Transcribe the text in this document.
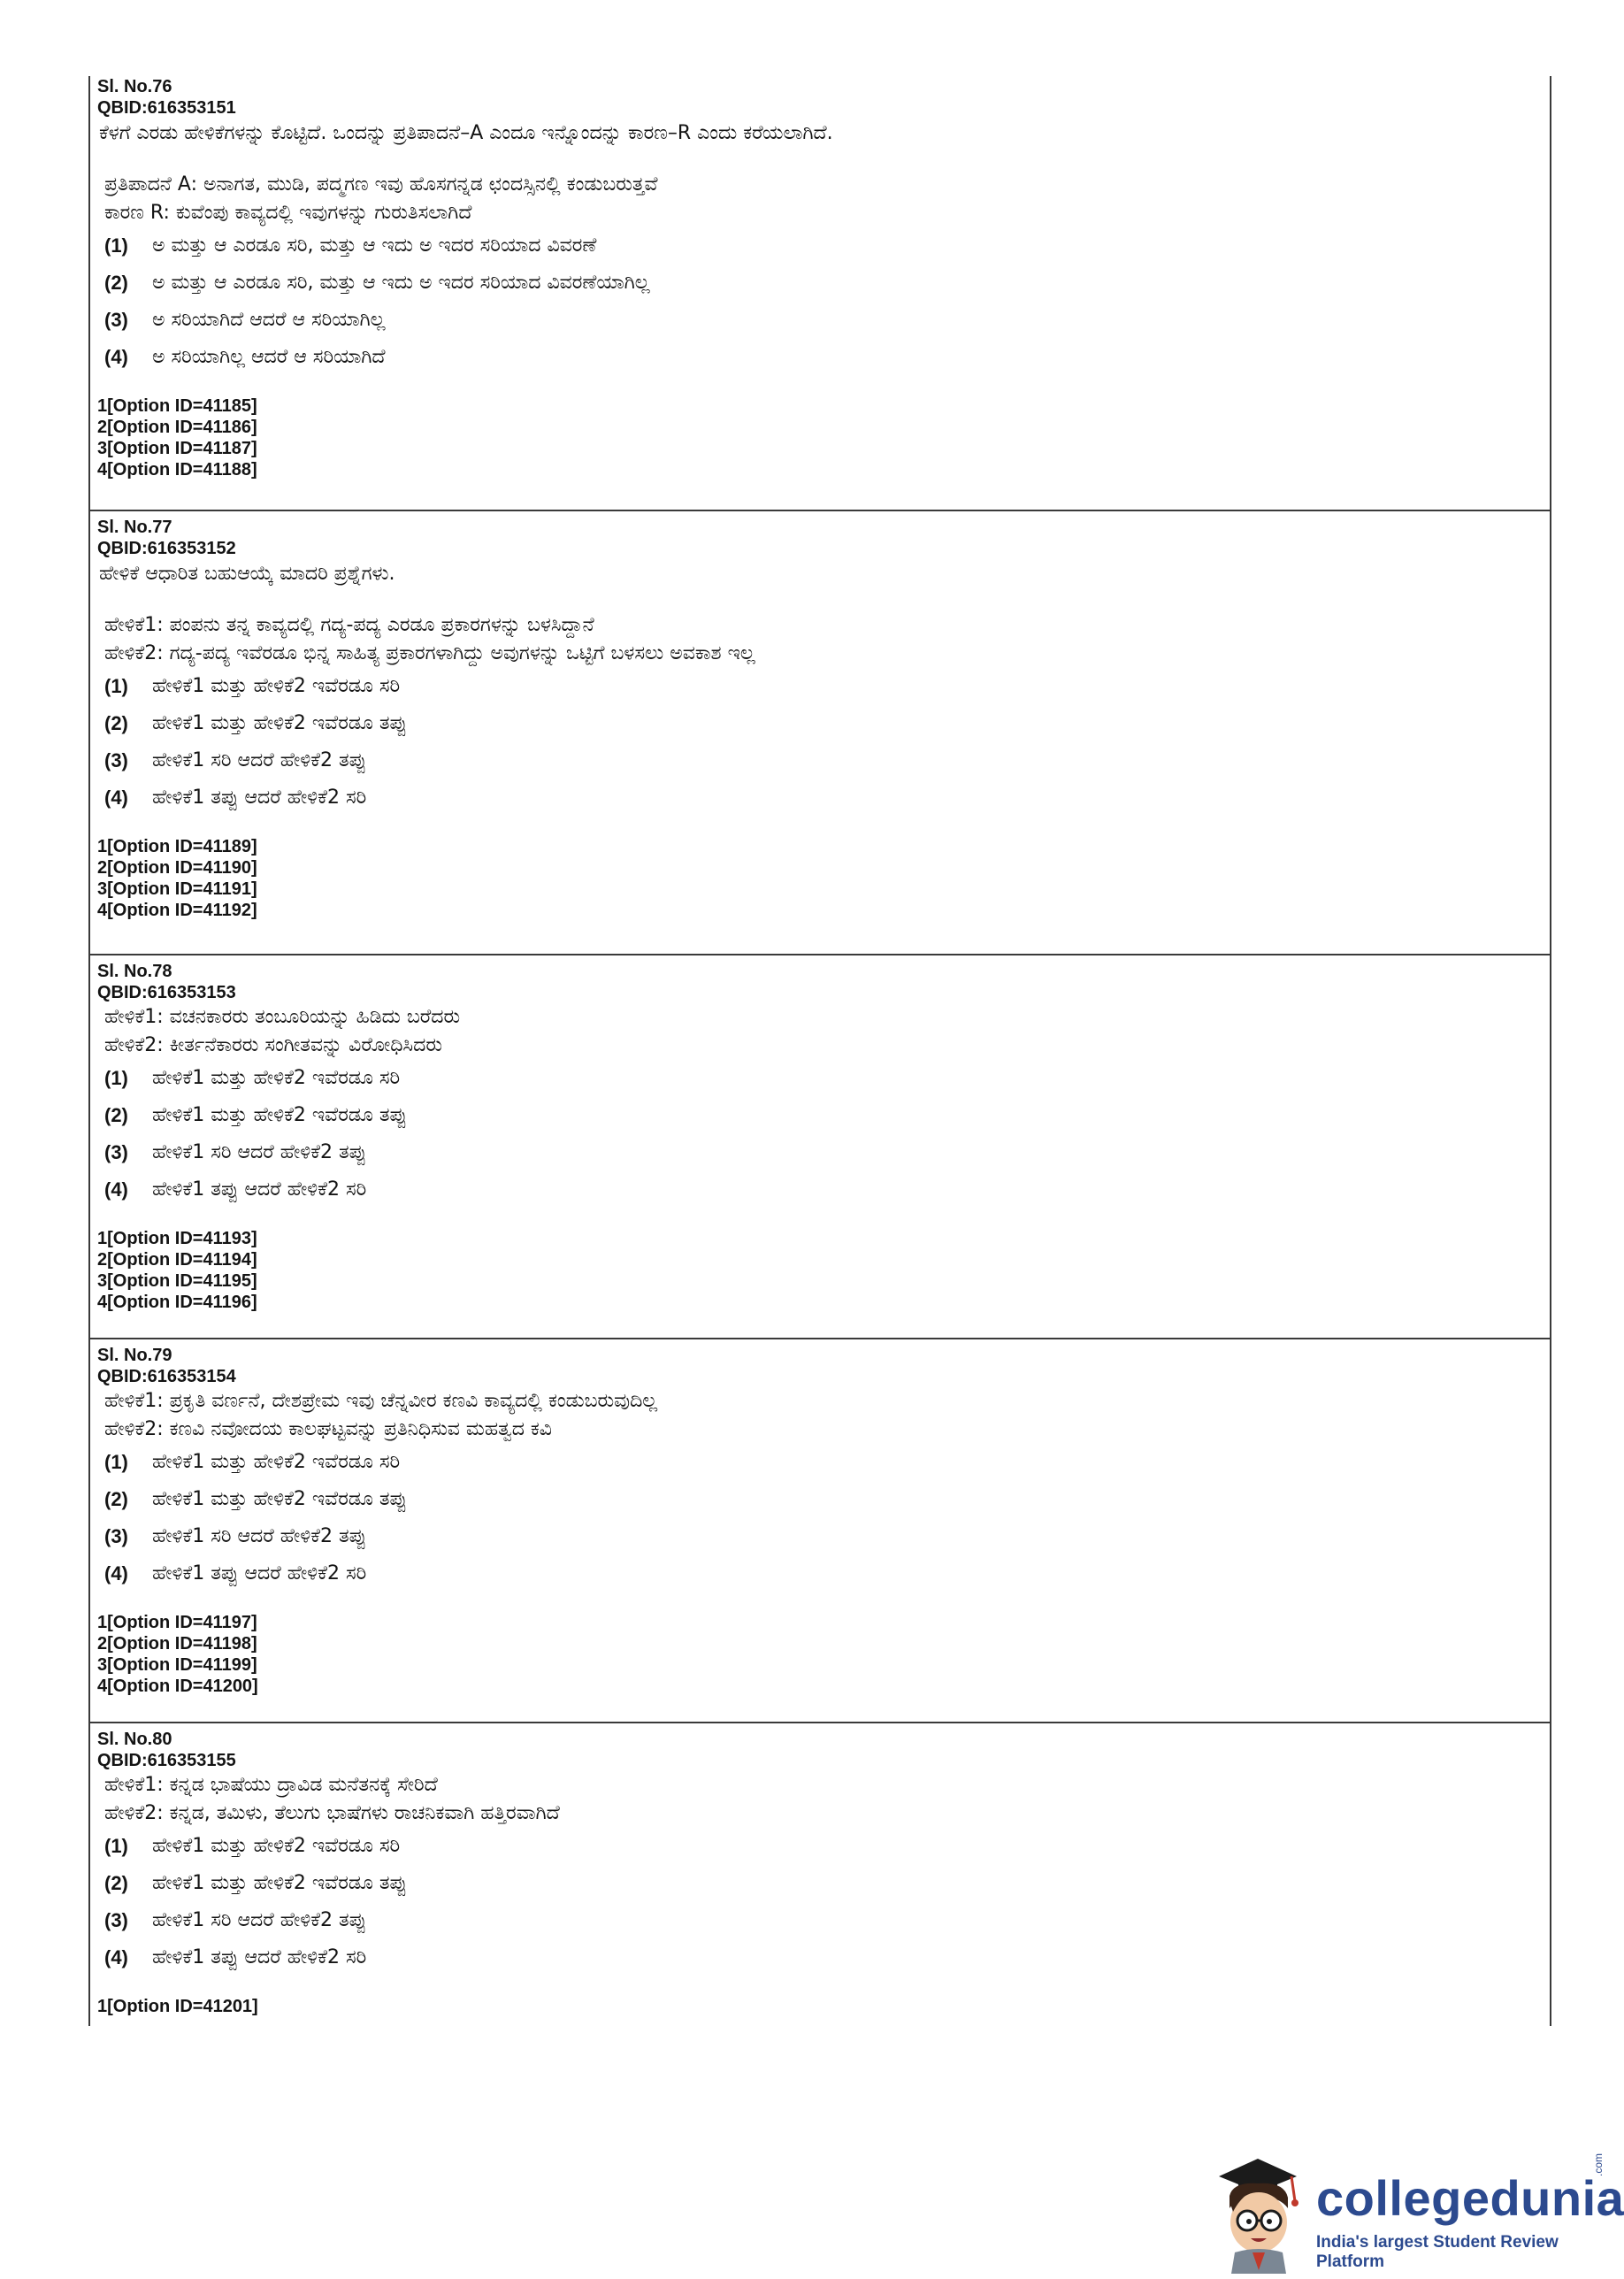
Sl. No.76
QBID:616353151
ಕೆಳಗೆ ಎರಡು ಹೇಳಿಕೆಗಳನ್ನು ಕೊಟ್ಟಿದೆ. ಒಂದನ್ನು ಪ್ರತಿಪಾದನೆ–A ಎಂದೂ ಇನ್ನೊಂದನ್ನು ಕಾರಣ–R ಎಂದು ಕರೆಯಲಾಗಿದೆ.
ಪ್ರತಿಪಾದನೆ A: ಅನಾಗತ, ಮುಡಿ, ಪದ್ಮಗಣ ಇವು ಹೊಸಗನ್ನಡ ಛಂದಸ್ಸಿನಲ್ಲಿ ಕಂಡುಬರುತ್ತವೆ
ಕಾರಣ R: ಕುವೆಂಪು ಕಾವ್ಯದಲ್ಲಿ ಇವುಗಳನ್ನು ಗುರುತಿಸಲಾಗಿದೆ
(1)	ಅ ಮತ್ತು ಆ ಎರಡೂ ಸರಿ, ಮತ್ತು ಆ ಇದು ಅ ಇದರ ಸರಿಯಾದ ವಿವರಣೆ
(2)	ಅ ಮತ್ತು ಆ ಎರಡೂ ಸರಿ, ಮತ್ತು ಆ ಇದು ಅ ಇದರ ಸರಿಯಾದ ವಿವರಣೆಯಾಗಿಲ್ಲ
(3)	ಅ ಸರಿಯಾಗಿದೆ ಆದರೆ ಆ ಸರಿಯಾಗಿಲ್ಲ
(4)	ಅ ಸರಿಯಾಗಿಲ್ಲ ಆದರೆ ಆ ಸರಿಯಾಗಿದೆ
1[Option ID=41185]
2[Option ID=41186]
3[Option ID=41187]
4[Option ID=41188]
Sl. No.77
QBID:616353152
ಹೇಳಿಕೆ ಆಧಾರಿತ ಬಹುಆಯ್ಕೆ ಮಾದರಿ ಪ್ರಶ್ನೆಗಳು.
ಹೇಳಿಕೆ1: ಪಂಪನು ತನ್ನ ಕಾವ್ಯದಲ್ಲಿ ಗದ್ಯ-ಪದ್ಯ ಎರಡೂ ಪ್ರಕಾರಗಳನ್ನು ಬಳಸಿದ್ದಾನೆ
ಹೇಳಿಕೆ2: ಗದ್ಯ-ಪದ್ಯ ಇವೆರಡೂ ಭಿನ್ನ ಸಾಹಿತ್ಯ ಪ್ರಕಾರಗಳಾಗಿದ್ದು ಅವುಗಳನ್ನು ಒಟ್ಟಿಗೆ ಬಳಸಲು ಅವಕಾಶ ಇಲ್ಲ
(1)	ಹೇಳಿಕೆ1 ಮತ್ತು ಹೇಳಿಕೆ2 ಇವೆರಡೂ ಸರಿ
(2)	ಹೇಳಿಕೆ1 ಮತ್ತು ಹೇಳಿಕೆ2 ಇವೆರಡೂ ತಪ್ಪು
(3)	ಹೇಳಿಕೆ1 ಸರಿ ಆದರೆ ಹೇಳಿಕೆ2 ತಪ್ಪು
(4)	ಹೇಳಿಕೆ1 ತಪ್ಪು ಆದರೆ ಹೇಳಿಕೆ2 ಸರಿ
1[Option ID=41189]
2[Option ID=41190]
3[Option ID=41191]
4[Option ID=41192]
Sl. No.78
QBID:616353153
ಹೇಳಿಕೆ1: ವಚನಕಾರರು ತಂಬೂರಿಯನ್ನು ಹಿಡಿದು ಬರೆದರು
ಹೇಳಿಕೆ2: ಕೀರ್ತನೆಕಾರರು ಸಂಗೀತವನ್ನು ವಿರೋಧಿಸಿದರು
(1)	ಹೇಳಿಕೆ1 ಮತ್ತು ಹೇಳಿಕೆ2 ಇವೆರಡೂ ಸರಿ
(2)	ಹೇಳಿಕೆ1 ಮತ್ತು ಹೇಳಿಕೆ2 ಇವೆರಡೂ ತಪ್ಪು
(3)	ಹೇಳಿಕೆ1 ಸರಿ ಆದರೆ ಹೇಳಿಕೆ2 ತಪ್ಪು
(4)	ಹೇಳಿಕೆ1 ತಪ್ಪು ಆದರೆ ಹೇಳಿಕೆ2 ಸರಿ
1[Option ID=41193]
2[Option ID=41194]
3[Option ID=41195]
4[Option ID=41196]
Sl. No.79
QBID:616353154
ಹೇಳಿಕೆ1: ಪ್ರಕೃತಿ ವರ್ಣನೆ, ದೇಶಪ್ರೇಮ ಇವು ಚೆನ್ನವೀರ ಕಣವಿ ಕಾವ್ಯದಲ್ಲಿ ಕಂಡುಬರುವುದಿಲ್ಲ
ಹೇಳಿಕೆ2: ಕಣವಿ ನವೋದಯ ಕಾಲಘಟ್ಟವನ್ನು ಪ್ರತಿನಿಧಿಸುವ ಮಹತ್ವದ ಕವಿ
(1)	ಹೇಳಿಕೆ1 ಮತ್ತು ಹೇಳಿಕೆ2 ಇವೆರಡೂ ಸರಿ
(2)	ಹೇಳಿಕೆ1 ಮತ್ತು ಹೇಳಿಕೆ2 ಇವೆರಡೂ ತಪ್ಪು
(3)	ಹೇಳಿಕೆ1 ಸರಿ ಆದರೆ ಹೇಳಿಕೆ2 ತಪ್ಪು
(4)	ಹೇಳಿಕೆ1 ತಪ್ಪು ಆದರೆ ಹೇಳಿಕೆ2 ಸರಿ
1[Option ID=41197]
2[Option ID=41198]
3[Option ID=41199]
4[Option ID=41200]
Sl. No.80
QBID:616353155
ಹೇಳಿಕೆ1: ಕನ್ನಡ ಭಾಷೆಯು ದ್ರಾವಿಡ ಮನೆತನಕ್ಕೆ ಸೇರಿದೆ
ಹೇಳಿಕೆ2: ಕನ್ನಡ, ತಮಿಳು, ತೆಲುಗು ಭಾಷೆಗಳು ರಾಚನಿಕವಾಗಿ ಹತ್ತಿರವಾಗಿದೆ
(1)	ಹೇಳಿಕೆ1 ಮತ್ತು ಹೇಳಿಕೆ2 ಇವೆರಡೂ ಸರಿ
(2)	ಹೇಳಿಕೆ1 ಮತ್ತು ಹೇಳಿಕೆ2 ಇವೆರಡೂ ತಪ್ಪು
(3)	ಹೇಳಿಕೆ1 ಸರಿ ಆದರೆ ಹೇಳಿಕೆ2 ತಪ್ಪು
(4)	ಹೇಳಿಕೆ1 ತಪ್ಪು ಆದರೆ ಹೇಳಿಕೆ2 ಸರಿ
1[Option ID=41201]
collegedunia
.com
India's largest Student Review Platform
